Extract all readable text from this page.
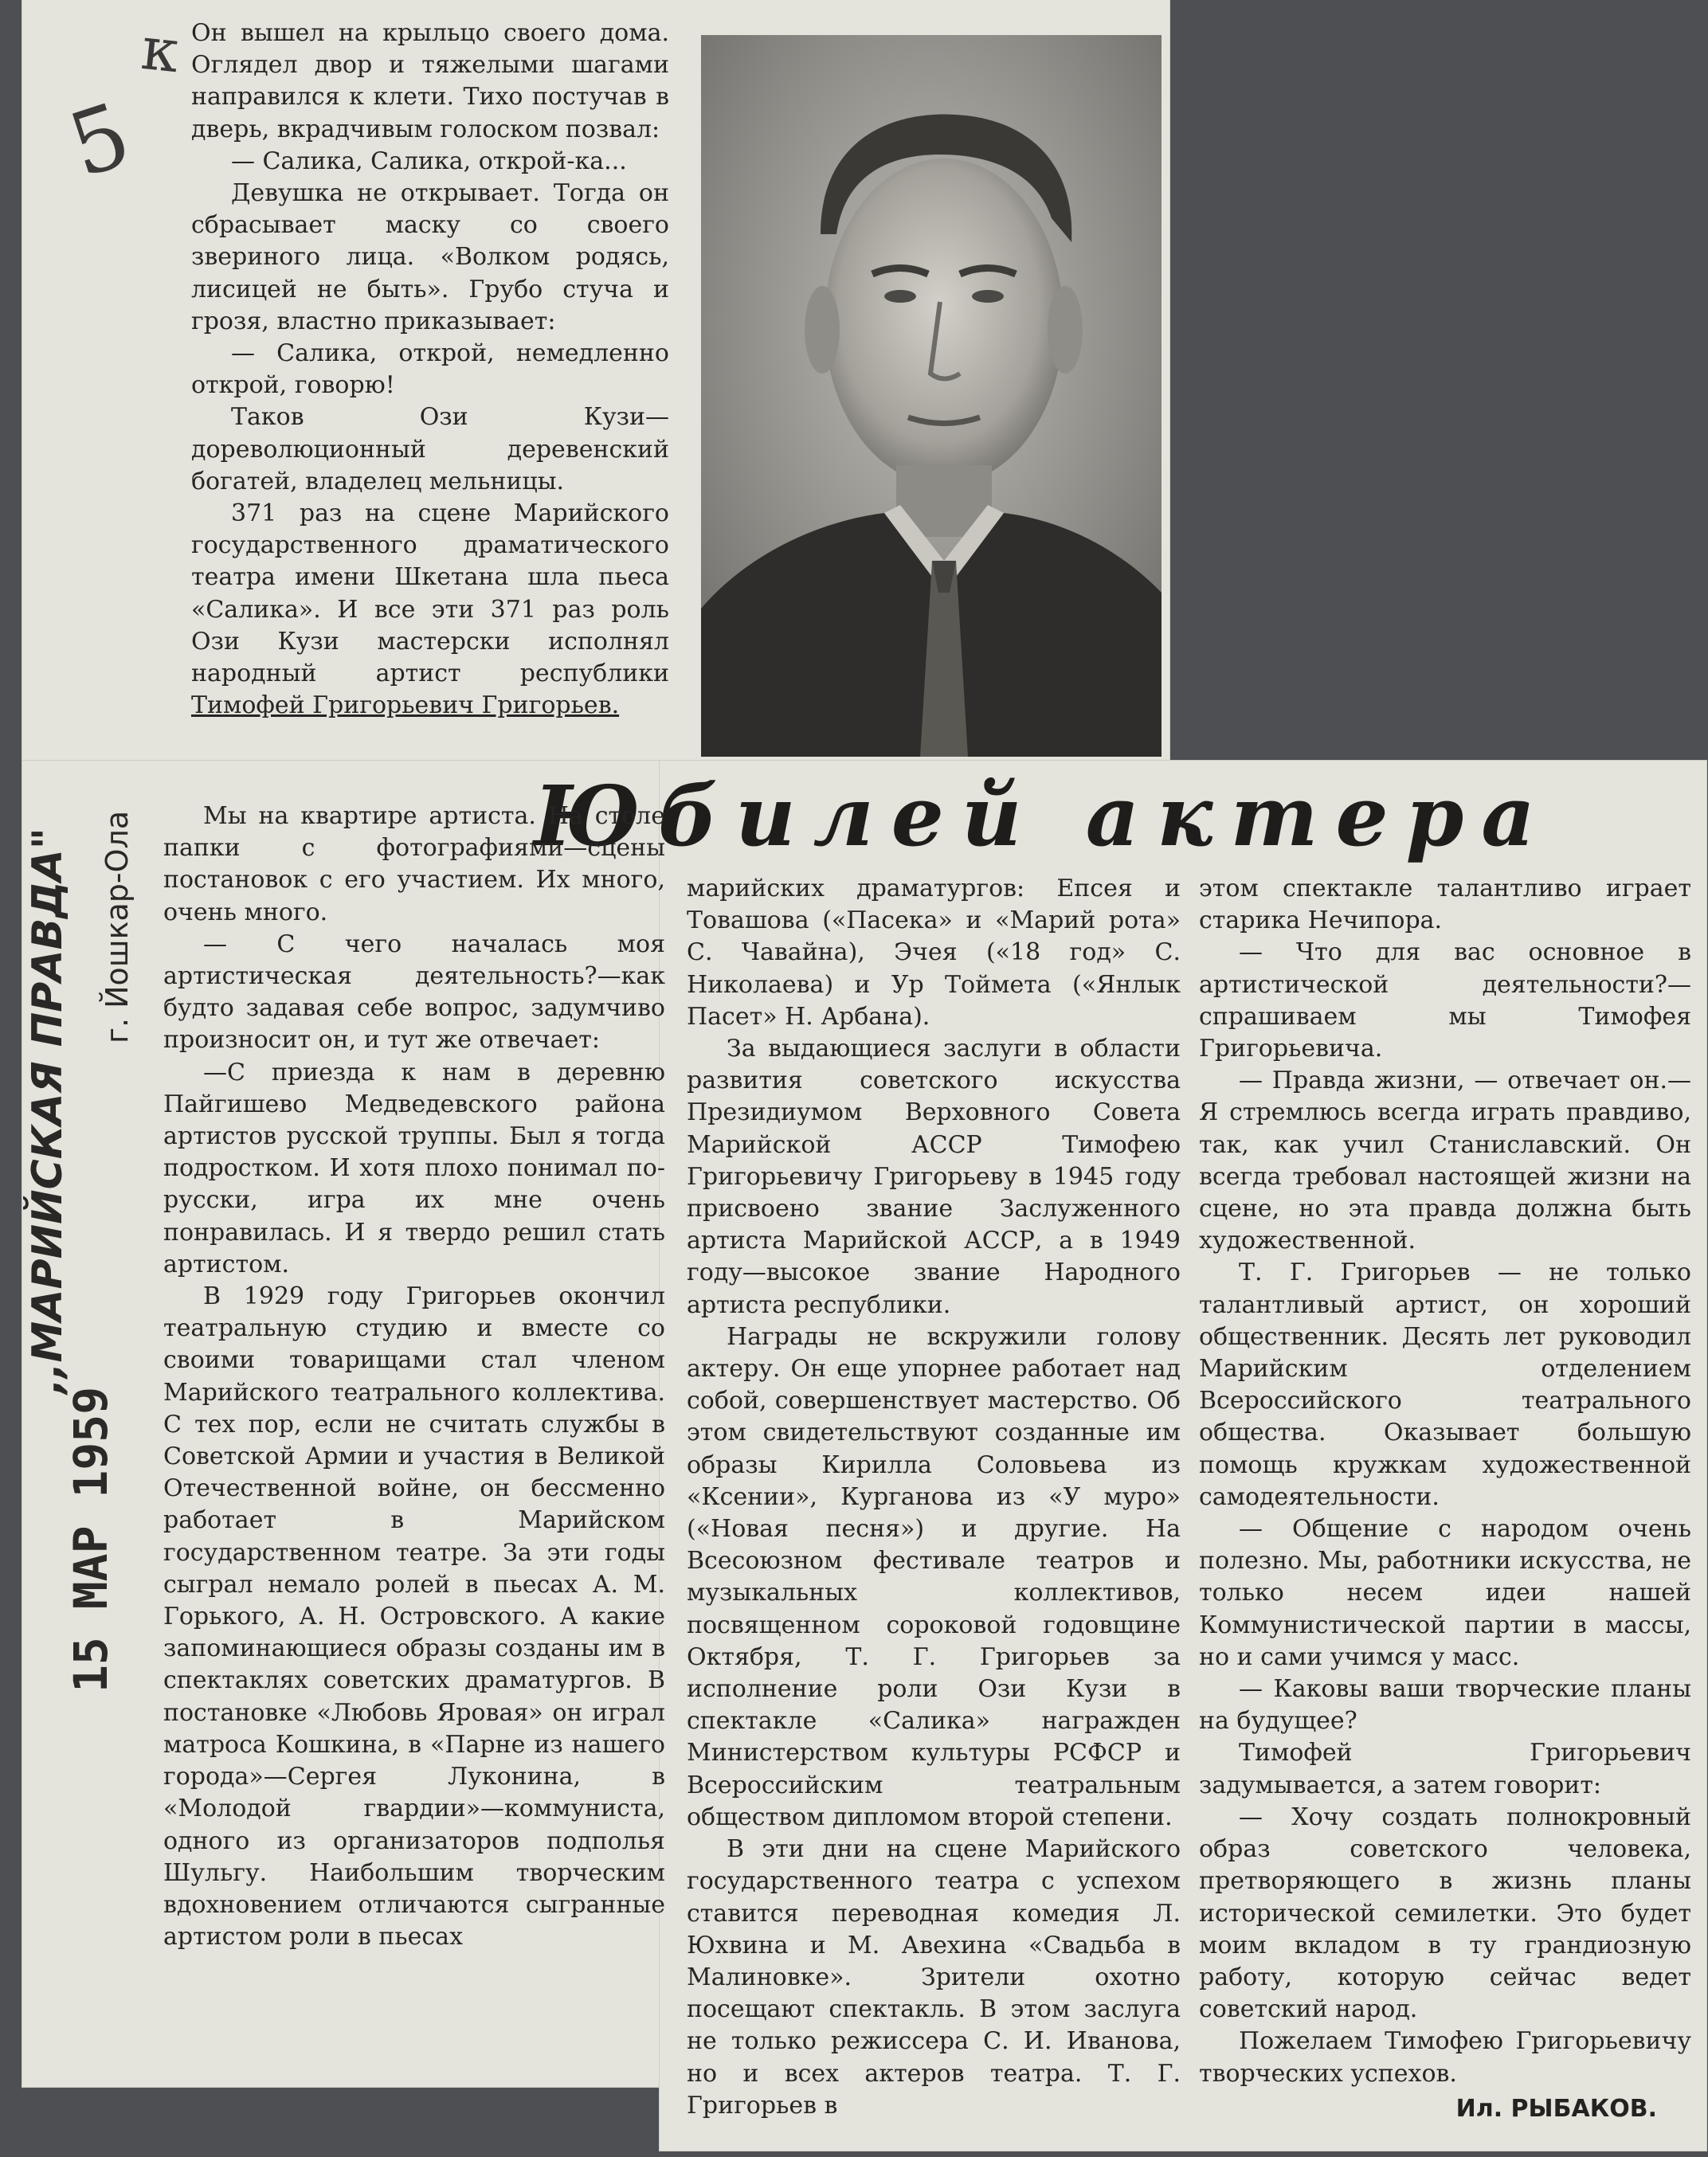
,,МАРИЙСКАЯ ПРАВДА" г. Йошкар-Ола
15 МАР 1959
5
к Он вышел на крыльцо своего дома. Оглядел двор и тяжелыми шагами направился к клети. Тихо постучав в дверь, вкрадчивым голоском позвал:

— Салика, Салика, открой-ка...

Девушка не открывает. Тогда он сбрасывает маску со своего звериного лица. «Волком родясь, лисицей не быть». Грубо стуча и грозя, властно приказывает:

— Салика, открой, немедленно открой, говорю!

Таков Ози Кузи—дореволюционный деревенский богатей, владелец мельницы.

371 раз на сцене Марийского государственного драматического театра имени Шкетана шла пьеса «Салика». И все эти 371 раз роль Ози Кузи мастерски исполнял народный артист республики Тимофей Григорьевич Григорьев.

Юбилей актера

Мы на квартире артиста. На столе папки с фотографиями—сцены постановок с его участием. Их много, очень много.

— С чего началась моя артистическая деятельность?—как будто задавая себе вопрос, задумчиво произносит он, и тут же отвечает:

—С приезда к нам в деревню Пайгишево Медведевского района артистов русской труппы. Был я тогда подростком. И хотя плохо понимал по-русски, игра их мне очень понравилась. И я твердо решил стать артистом.

В 1929 году Григорьев окончил театральную студию и вместе со своими товарищами стал членом Марийского театрального коллектива. С тех пор, если не считать службы в Советской Армии и участия в Великой Отечественной войне, он бессменно работает в Марийском государственном театре. За эти годы сыграл немало ролей в пьесах А. М. Горького, А. Н. Островского. А какие запоминающиеся образы созданы им в спектаклях советских драматургов. В постановке «Любовь Яровая» он играл матроса Кошкина, в «Парне из нашего города»—Сергея Луконина, в «Молодой гвардии»—коммуниста, одного из организаторов подполья Шульгу. Наибольшим творческим вдохновением отличаются сыгранные артистом роли в пьесах

марийских драматургов: Епсея и Товашова («Пасека» и «Марий рота» С. Чавайна), Эчея («18 год» С. Николаева) и Ур Тоймета («Янлык Пасет» Н. Арбана).

За выдающиеся заслуги в области развития советского искусства Президиумом Верховного Совета Марийской АССР Тимофею Григорьевичу Григорьеву в 1945 году присвоено звание Заслуженного артиста Марийской АССР, а в 1949 году—высокое звание Народного артиста республики.

Награды не вскружили голову актеру. Он еще упорнее работает над собой, совершенствует мастерство. Об этом свидетельствуют созданные им образы Кирилла Соловьева из «Ксении», Курганова из «У муро» («Новая песня») и другие. На Всесоюзном фестивале театров и музыкальных коллективов, посвященном сороковой годовщине Октября, Т. Г. Григорьев за исполнение роли Ози Кузи в спектакле «Салика» награжден Министерством культуры РСФСР и Всероссийским театральным обществом дипломом второй степени.

В эти дни на сцене Марийского государственного театра с успехом ставится переводная комедия Л. Юхвина и М. Авехина «Свадьба в Малиновке». Зрители охотно посещают спектакль. В этом заслуга не только режиссера С. И. Иванова, но и всех актеров театра. Т. Г. Григорьев в

этом спектакле талантливо играет старика Нечипора.

— Что для вас основное в артистической деятельности?—спрашиваем мы Тимофея Григорьевича.

— Правда жизни, — отвечает он.—Я стремлюсь всегда играть правдиво, так, как учил Станиславский. Он всегда требовал настоящей жизни на сцене, но эта правда должна быть художественной.

Т. Г. Григорьев — не только талантливый артист, он хороший общественник. Десять лет руководил Марийским отделением Всероссийского театрального общества. Оказывает большую помощь кружкам художественной самодеятельности.

— Общение с народом очень полезно. Мы, работники искусства, не только несем идеи нашей Коммунистической партии в массы, но и сами учимся у масс.

— Каковы ваши творческие планы на будущее?

Тимофей Григорьевич задумывается, а затем говорит:

— Хочу создать полнокровный образ советского человека, претворяющего в жизнь планы исторической семилетки. Это будет моим вкладом в ту грандиозную работу, которую сейчас ведет советский народ.

Пожелаем Тимофею Григорьевичу творческих успехов.

Ил. РЫБАКОВ.
